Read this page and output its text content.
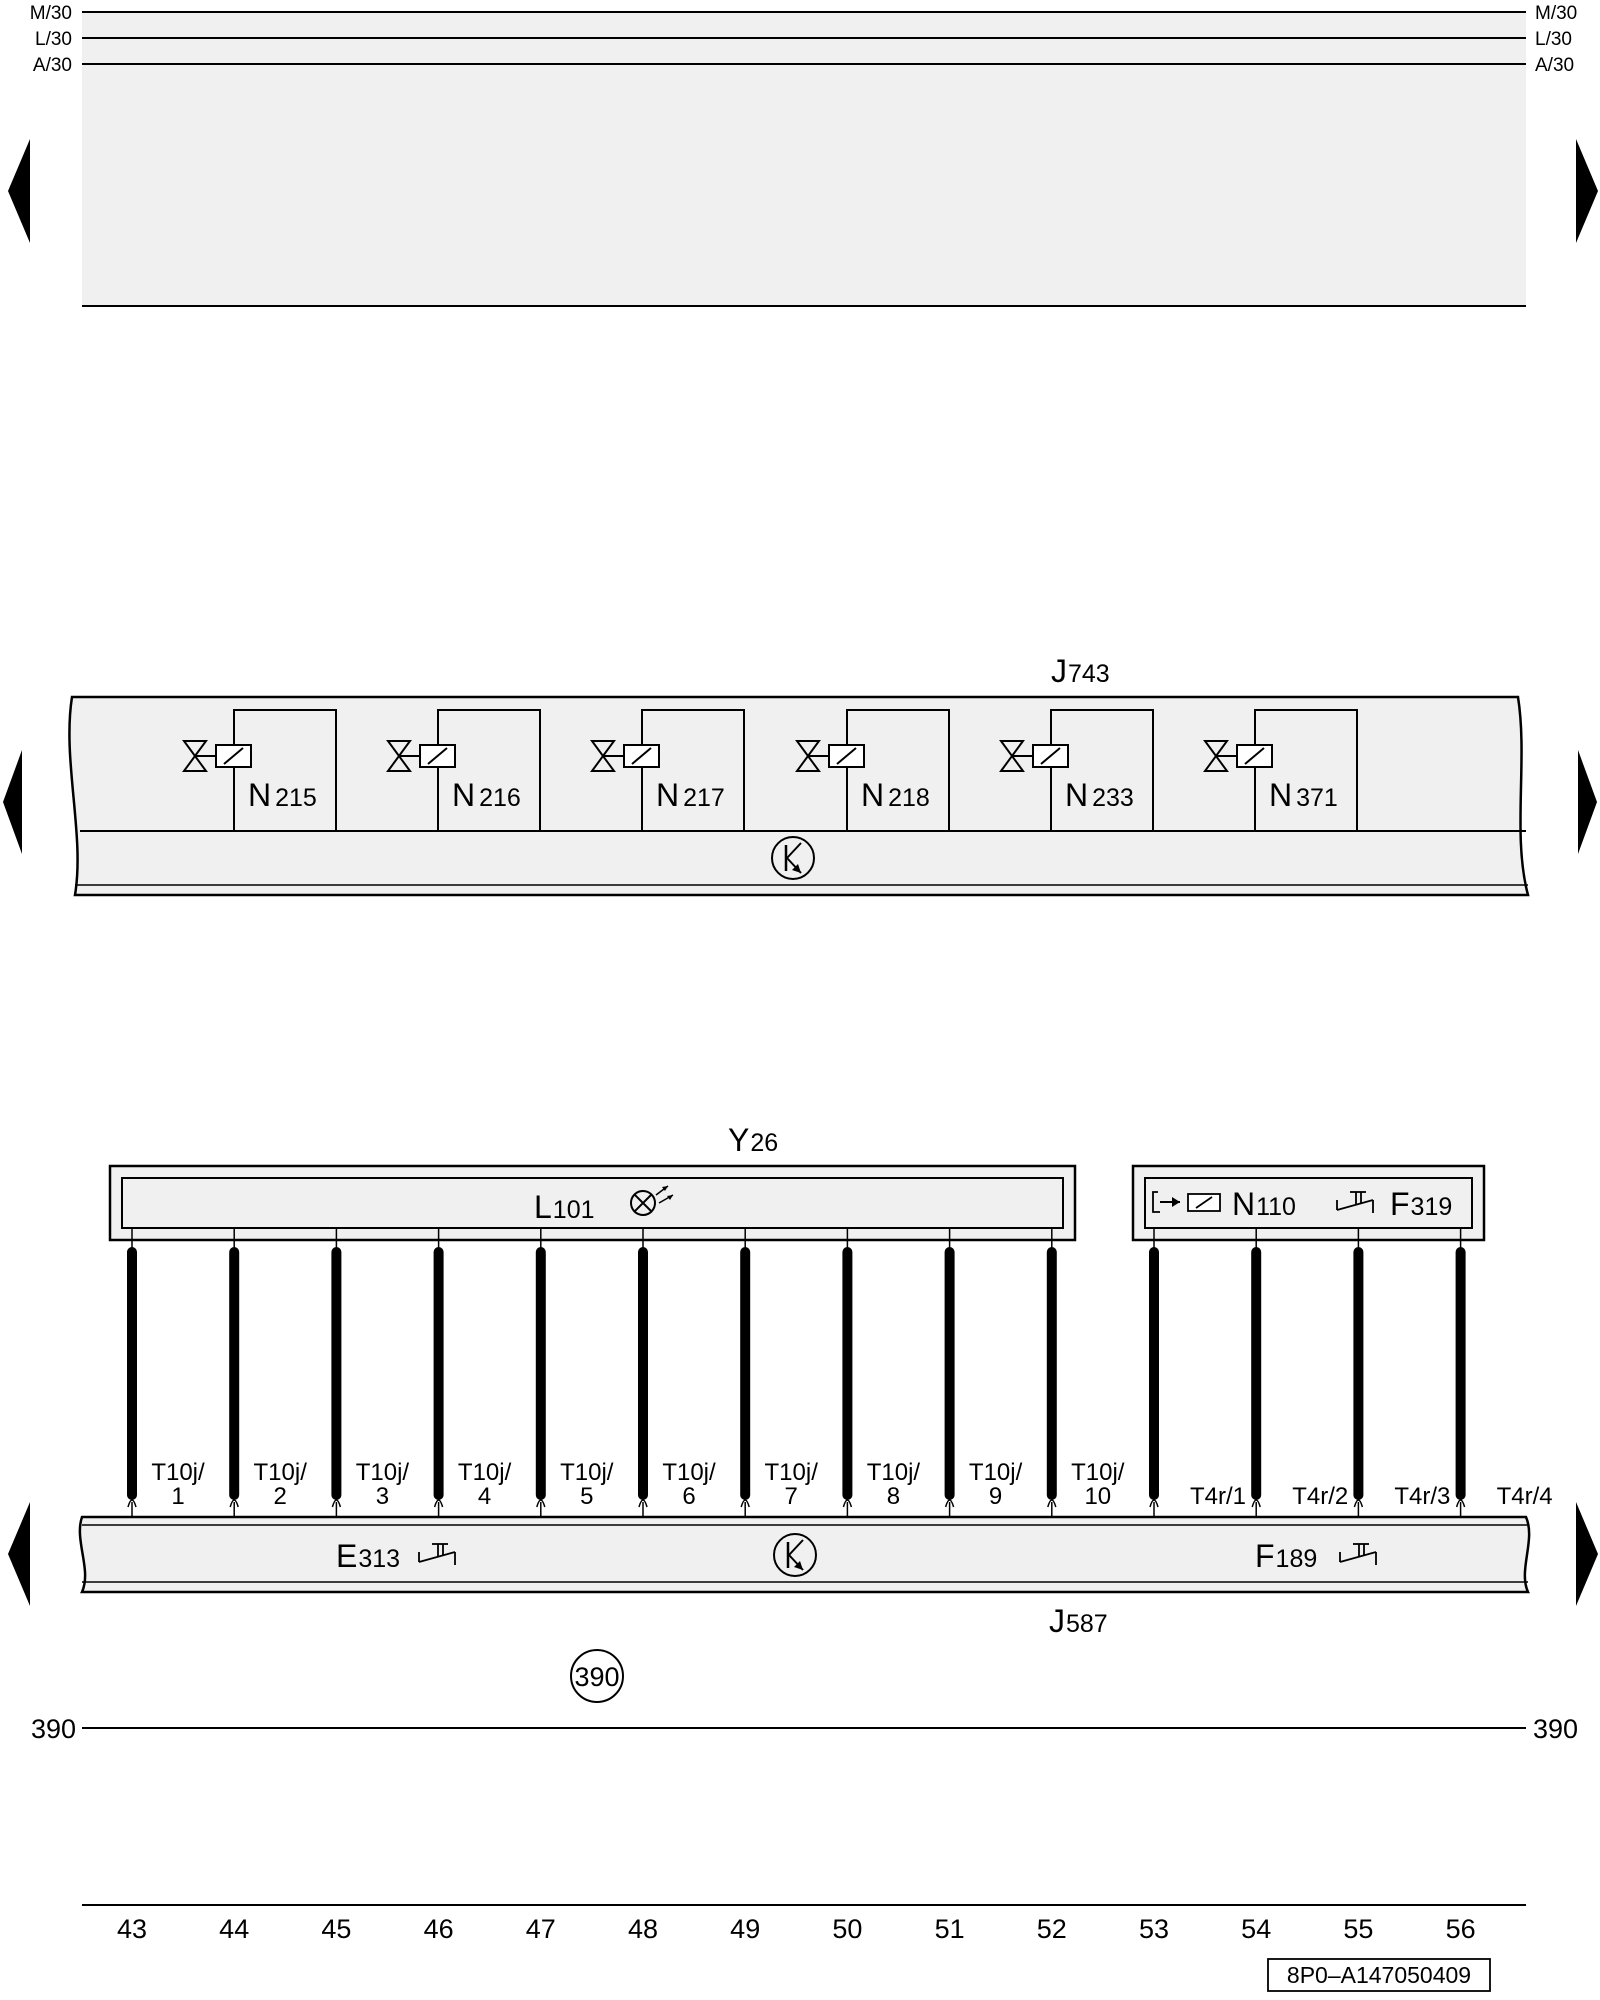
M/30
L/30
A/30
M/30
L/30
A/30
J743
N 215	N 216	N 217	N 218	N 233	N 371
Y26
L101	N110	F319
T10j/ 1
T10j/ 2
T10j/ 3
T10j/ 4
T10j/ 5
T10j/ 6
T10j/ 7
T10j/ 8
T10j/ 9
T10j/ 10	T4r/1 T4r/2 T4r/3 T4r/4
E313	F189
J587
390
390	390
43	44	45	46	47	48	49	50	51	52	53	54	55	56
8P0–A147050409
